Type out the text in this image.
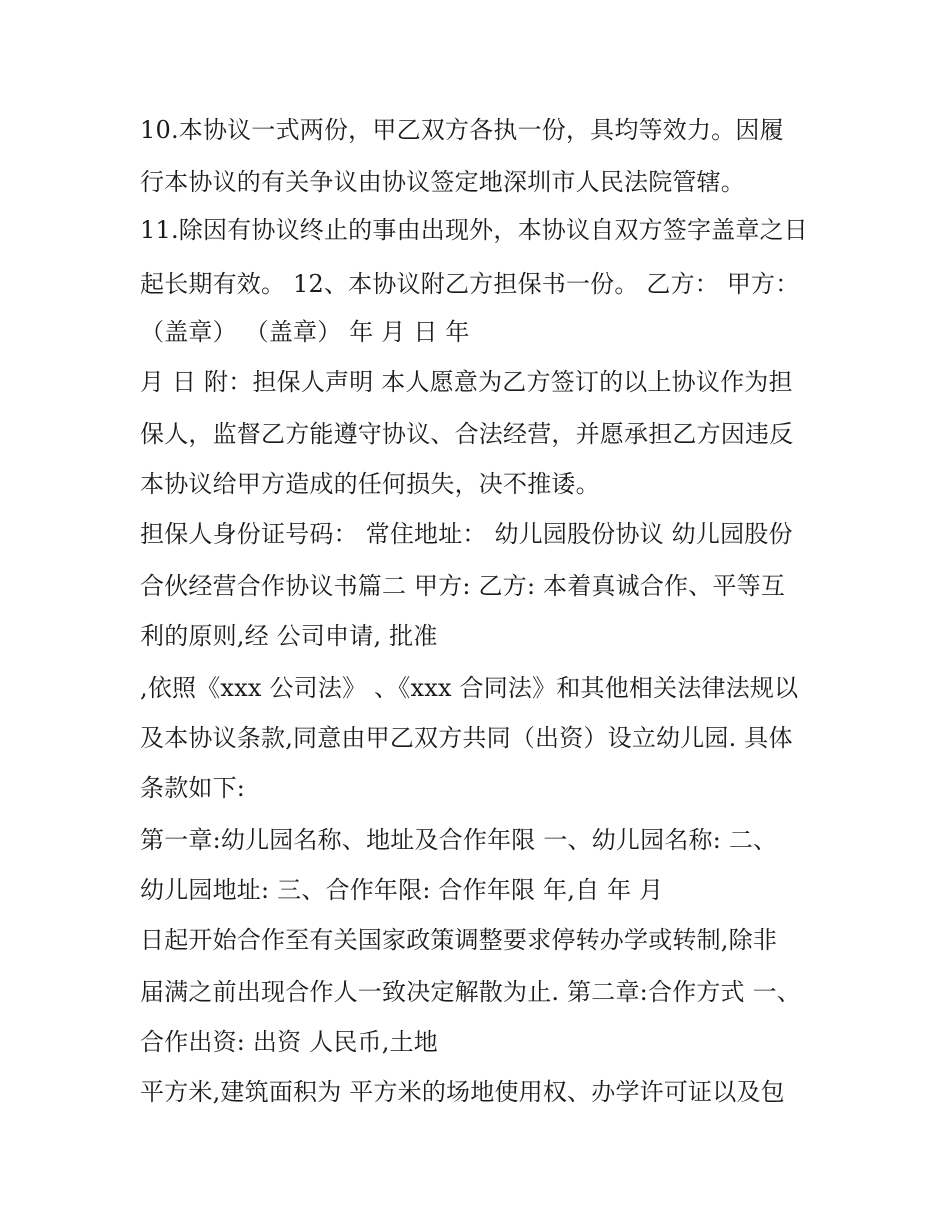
10.本协议一式两份，甲乙双方各执一份，具均等效力。因履
行本协议的有关争议由协议签定地深圳市人民法院管辖。
11.除因有协议终止的事由出现外，本协议自双方签字盖章之日
起长期有效。 12、本协议附乙方担保书一份。 乙方： 甲方：
（盖章） （盖章） 年 月 日 年
月 日 附：担保人声明 本人愿意为乙方签订的以上协议作为担
保人，监督乙方能遵守协议、合法经营，并愿承担乙方因违反
本协议给甲方造成的任何损失，决不推诿。
担保人身份证号码： 常住地址： 幼儿园股份协议 幼儿园股份
合伙经营合作协议书篇二 甲方: 乙方: 本着真诚合作、平等互
利的原则,经 公司申请, 批准
,依照《xxx 公司法》 、《xxx 合同法》和其他相关法律法规以
及本协议条款,同意由甲乙双方共同（出资）设立幼儿园. 具体
条款如下:
第一章:幼儿园名称、地址及合作年限 一、幼儿园名称: 二、
幼儿园地址: 三、合作年限: 合作年限 年,自 年 月
日起开始合作至有关国家政策调整要求停转办学或转制,除非
届满之前出现合作人一致决定解散为止. 第二章:合作方式 一、
合作出资: 出资 人民币,土地
平方米,建筑面积为 平方米的场地使用权、办学许可证以及包
